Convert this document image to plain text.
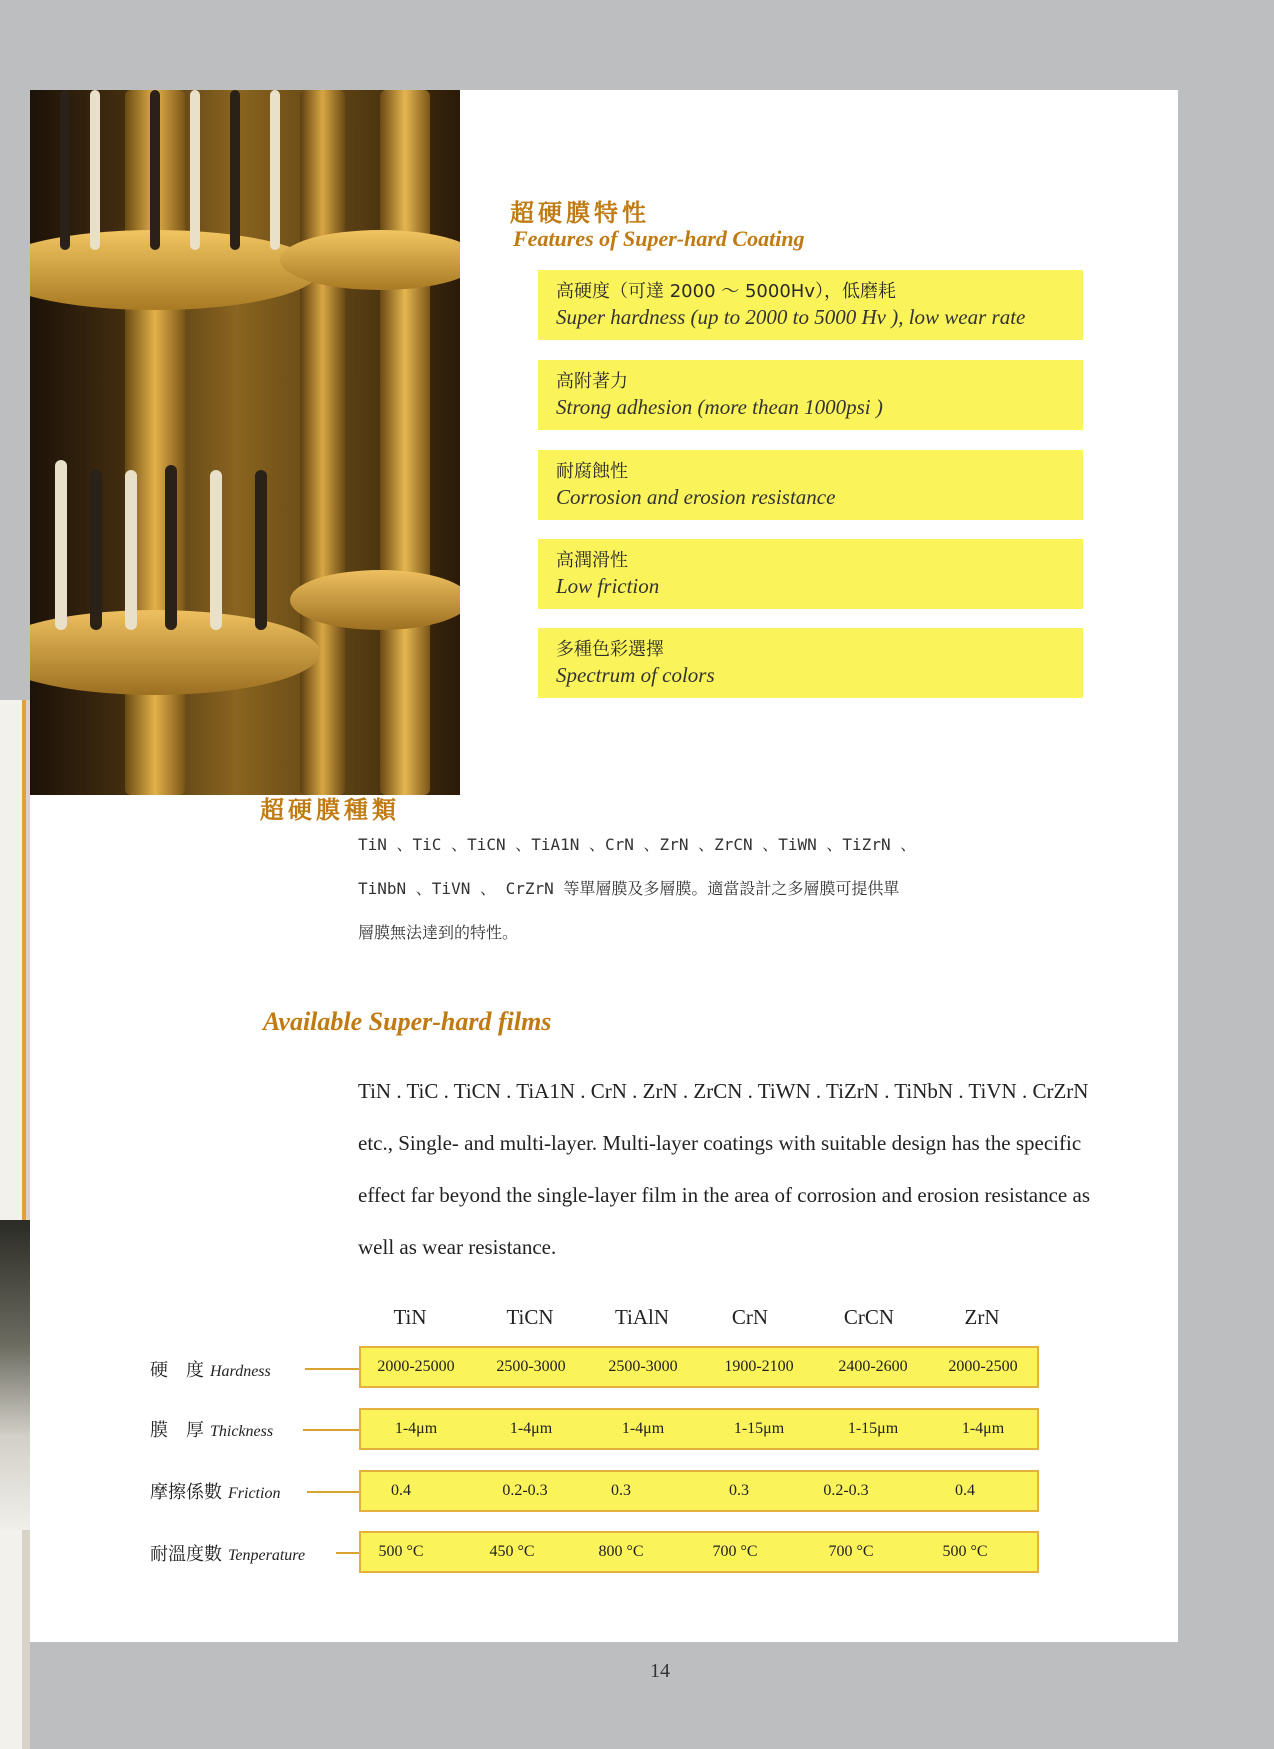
超硬膜特性
Features of Super-hard Coating
高硬度（可達 2000 ～ 5000Hv），低磨耗
Super hardness (up to 2000 to 5000 Hv ), low wear rate
高附著力
Strong adhesion (more thean 1000psi )
耐腐蝕性
Corrosion and erosion resistance
高潤滑性
Low friction
多種色彩選擇
Spectrum of colors
超硬膜種類
TiN 、TiC 、TiCN 、TiA1N 、CrN 、ZrN 、ZrCN 、TiWN 、TiZrN 、
TiNbN 、TiVN 、 CrZrN 等單層膜及多層膜。適當設計之多層膜可提供單
層膜無法達到的特性。
Available Super-hard films

TiN . TiC . TiCN . TiA1N . CrN . ZrN . ZrCN . TiWN . TiZrN . TiNbN . TiVN . CrZrN etc., Single- and multi-layer. Multi-layer coatings with suitable design has the specific effect far beyond the single-layer film in the area of corrosion and erosion resistance as well as wear resistance.

TiN	TiCN	TiAlN	CrN	CrCN	ZrN
硬　度 Hardness	2000-25000	2500-3000	2500-3000	1900-2100	2400-2600	2000-2500
膜　厚 Thickness	1-4μm	1-4μm	1-4μm	1-15μm	1-15μm	1-4μm
摩擦係數 Friction	0.4	0.2-0.3	0.3	0.3	0.2-0.3	0.4
耐溫度數 Tenperature	500 °C	450 °C	800 °C	700 °C	700 °C	500 °C
14
